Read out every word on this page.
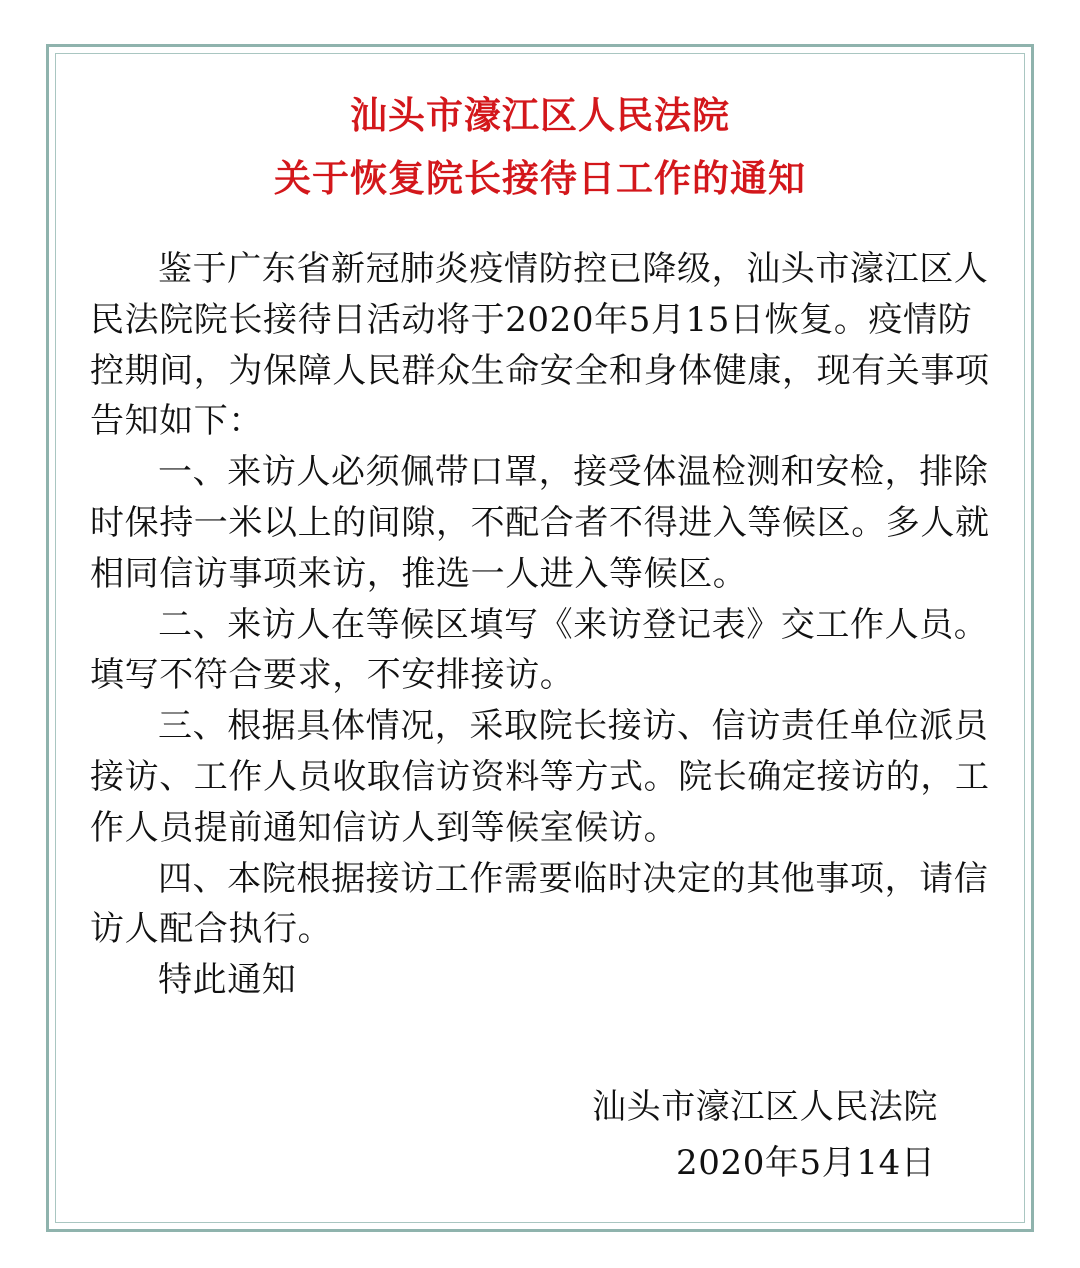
汕头市濠江区人民法院
关于恢复院长接待日工作的通知

鉴于广东省新冠肺炎疫情防控已降级，汕头市濠江区人民法院院长接待日活动将于2020年5月15日恢复。疫情防控期间，为保障人民群众生命安全和身体健康，现有关事项告知如下：

一、来访人必须佩带口罩，接受体温检测和安检，排除时保持一米以上的间隙，不配合者不得进入等候区。多人就相同信访事项来访，推选一人进入等候区。

二、来访人在等候区填写《来访登记表》交工作人员。填写不符合要求，不安排接访。

三、根据具体情况，采取院长接访、信访责任单位派员接访、工作人员收取信访资料等方式。院长确定接访的，工作人员提前通知信访人到等候室候访。

四、本院根据接访工作需要临时决定的其他事项，请信访人配合执行。

特此通知

汕头市濠江区人民法院
2020年5月14日
